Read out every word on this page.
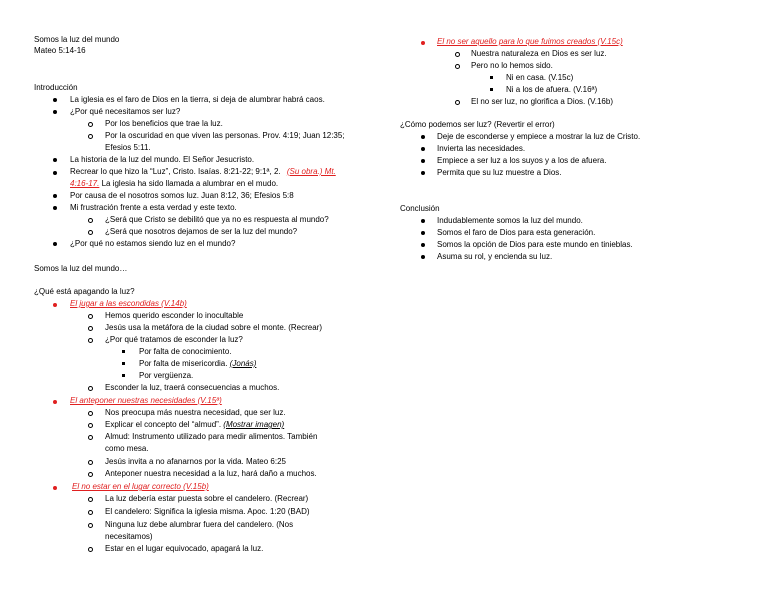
Somos la luz del mundo
Mateo 5:14-16
Introducción
La iglesia es el faro de Dios en la tierra, si deja de alumbrar habrá caos.
¿Por qué necesitamos ser luz?
Por los beneficios que trae la luz.
Por la oscuridad en que viven las personas. Prov. 4:19; Juan 12:35;
Efesios 5:11.
La historia de la luz del mundo. El Señor Jesucristo.
Recrear lo que hizo la “Luz”, Cristo. Isaías. 8:21-22; 9:1ª, 2. (Su obra.) Mt.
4:16-17. La iglesia ha sido llamada a alumbrar en el mudo.
Por causa de el nosotros somos luz. Juan 8:12, 36; Efesios 5:8
Mi frustración frente a esta verdad y este texto.
¿Será que Cristo se debilitó que ya no es respuesta al mundo?
¿Será que nosotros dejamos de ser la luz del mundo?
¿Por qué no estamos siendo luz en el mundo?
Somos la luz del mundo…
¿Qué está apagando la luz?
El jugar a las escondidas (V.14b)
Hemos querido esconder lo inocultable
Jesús usa la metáfora de la ciudad sobre el monte. (Recrear)
¿Por qué tratamos de esconder la luz?
Por falta de conocimiento.
Por falta de misericordia. (Jonás)
Por vergüenza.
Esconder la luz, traerá consecuencias a muchos.
El anteponer nuestras necesidades (V.15ª)
Nos preocupa más nuestra necesidad, que ser luz.
Explicar el concepto del “almud”. (Mostrar imagen)
Almud: Instrumento utilizado para medir alimentos. También
como mesa.
Jesús invita a no afanarnos por la vida. Mateo 6:25
Anteponer nuestra necesidad a la luz, hará daño a muchos.
El no estar en el lugar correcto (V.15b)
La luz debería estar puesta sobre el candelero. (Recrear)
El candelero: Significa la iglesia misma. Apoc. 1:20 (BAD)
Ninguna luz debe alumbrar fuera del candelero. (Nos
necesitamos)
Estar en el lugar equivocado, apagará la luz.
El no ser aquello para lo que fuimos creados (V.15c)
Nuestra naturaleza en Dios es ser luz.
Pero no lo hemos sido.
Ni en casa. (V.15c)
Ni a los de afuera. (V.16ª)
El no ser luz, no glorifica a Dios. (V.16b)
¿Cómo podemos ser luz? (Revertir el error)
Deje de esconderse y empiece a mostrar la luz de Cristo.
Invierta las necesidades.
Empiece a ser luz a los suyos y a los de afuera.
Permita que su luz muestre a Dios.
Conclusión
Indudablemente somos la luz del mundo.
Somos el faro de Dios para esta generación.
Somos la opción de Dios para este mundo en tinieblas.
Asuma su rol, y encienda su luz.
